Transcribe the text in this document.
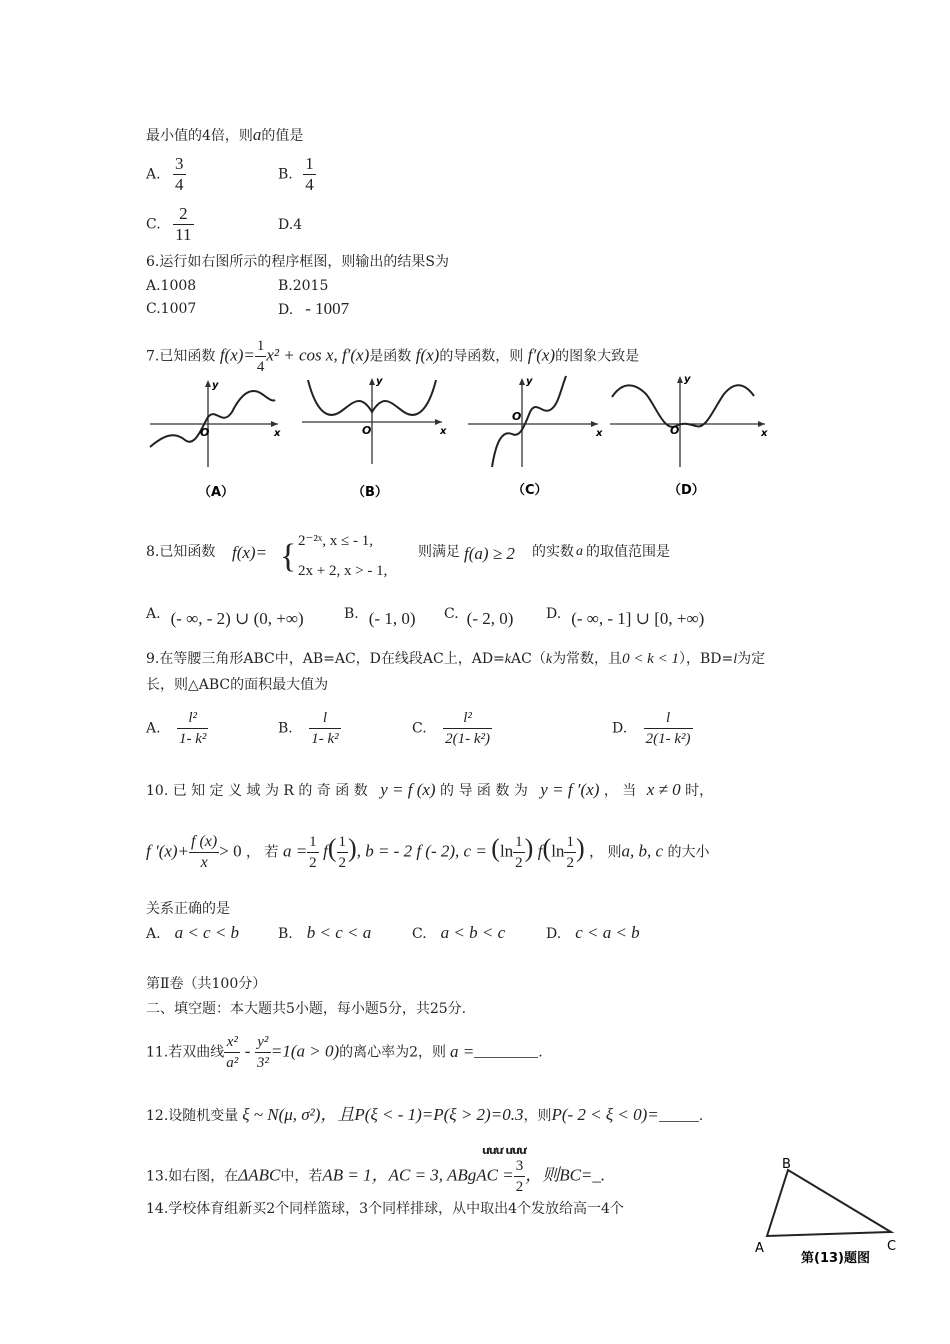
最小值的4倍，则a的值是
A. $\frac{3}{4}$	B. $\frac{1}{4}$
C. $\frac{2}{11}$	D.4
6.运行如右图所示的程序框图，则输出的结果S为
A.1008	B.2015
C.1007	D. - 1007
7.已知函数 $f(x)= \frac{1}{4} x^2 + \cos x$, f′(x)是函数 f(x)的导函数，则 f′(x)的图象大致是
y
x
O
（A）
y
x
O
（B）
y
x
O
（C）
y
x
O
（D）
8.已知函数 f(x)= { 2⁻²ˣ, x ≤ - 1,
2x + 2, x > - 1,
则满足 f(a) ≥ 2 的实数 a 的取值范围是
A. (- ∞, - 2) ∪ (0, +∞)	B. (- 1, 0) C. (- 2, 0) D. (- ∞, - 1] ∪ [0, +∞)
9.在等腰三角形ABC中，AB=AC，D在线段AC上，AD=kAC（k为常数，且0 < k < 1），BD=l为定
长，则△ABC的面积最大值为
A. $\frac{\text{l²}}{\text{1- k²}}$	B. $\frac{l}{\text{1- k²}}$	C. $\frac{\text{l²}}{\text{2(1- k²)}}$	D. $\frac{l}{\text{2(1- k²)}}$
10. 已 知 定 义 域 为 R 的 奇 函 数 y = f (x) 的 导 函 数 为 y = f ′(x) ， 当 x ≠ 0 时，
f $'(x)+ \frac{f (x)}{x} > 0$ ， 若 $a = \frac{1}{2} f( \frac{1}{2}$ ), b = - 2 f (- 2), $c = (\ln \frac{1}{2}$ ) $f(\ln \frac{1}{2}$ ) ， 则a, b, c 的大小
关系正确的是
A. a < c < b	B. b < c < a	C. a < b < c	D. c < a < b
第Ⅱ卷（共100分）
二、填空题：本大题共5小题，每小题5分，共25分.
11.若双曲线 $\frac{\text{x²}}{\text{a²}} - \frac{\text{y²}}{\text{3²}} =1(a > 0)$的离心率为2，则 a =	.
12.设随机变量 ξ ~ N(μ, σ²)，且P(ξ < - 1)=P(ξ > 2)=0.3，则P(- 2 < ξ < 0)=	.
ưưư ưưư
13.如右图，在ΔABC中，若AB = 1，AC = 3, ABgAC = $\frac{3}{2}$ ，则BC=_.
14.学校体育组新买2个同样篮球，3个同样排球，从中取出4个发放给高一4个
B
A	C
第(13)题图
